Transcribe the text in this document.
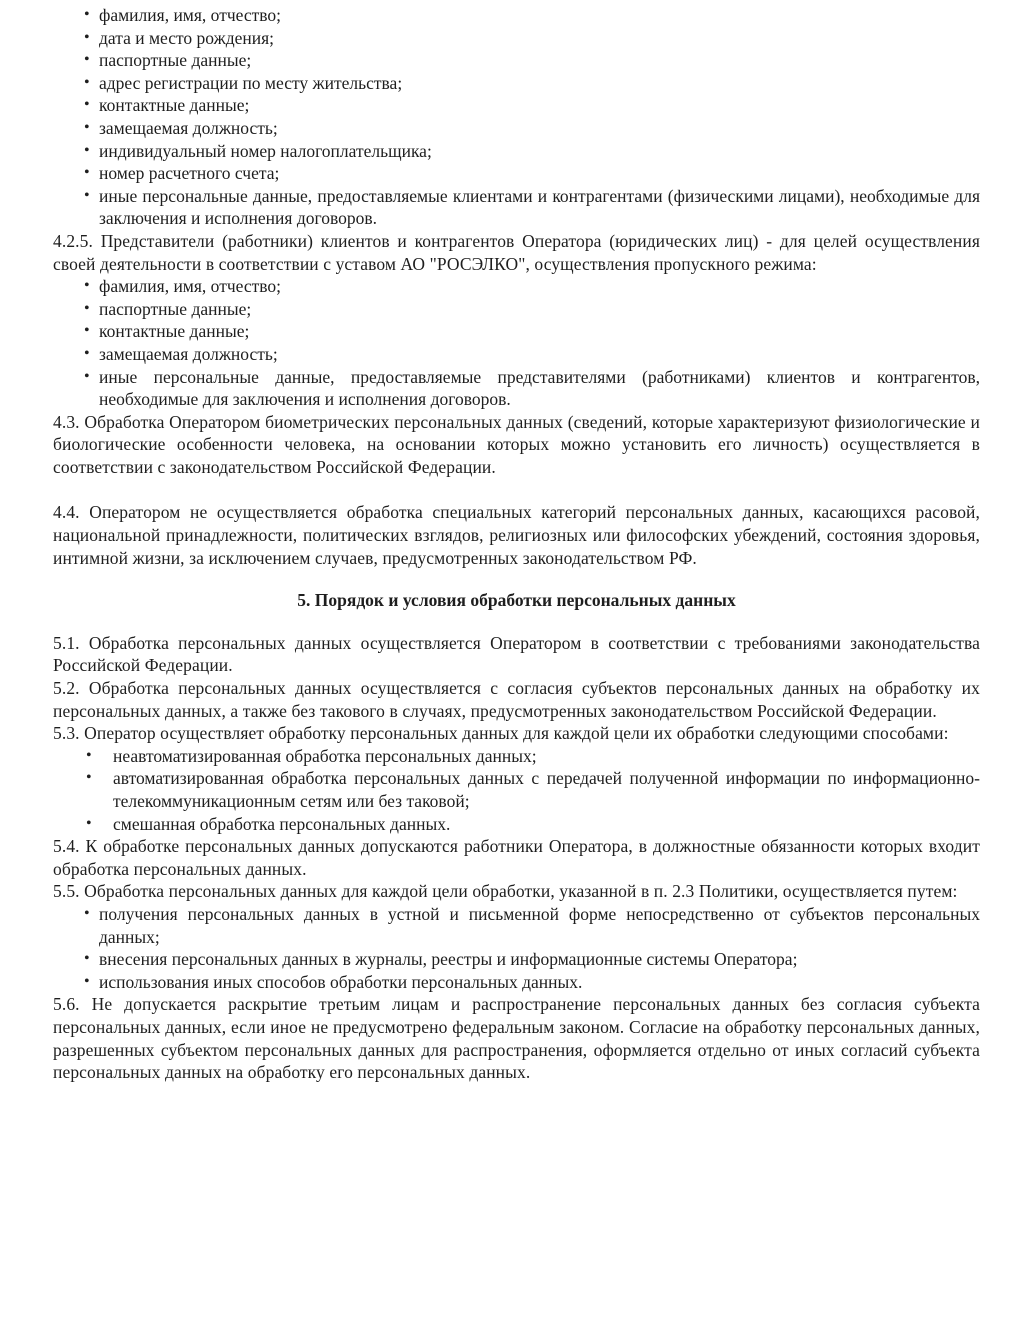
• фамилия, имя, отчество;
• дата и место рождения;
• паспортные данные;
• адрес регистрации по месту жительства;
• контактные данные;
• замещаемая должность;
• индивидуальный номер налогоплательщика;
• номер расчетного счета;
• иные персональные данные, предоставляемые клиентами и контрагентами (физическими лицами), необходимые для заключения и исполнения договоров.

4.2.5. Представители (работники) клиентов и контрагентов Оператора (юридических лиц) - для целей осуществления своей деятельности в соответствии с уставом АО "РОСЭЛКО", осуществления пропускного режима:

• фамилия, имя, отчество;
• паспортные данные;
• контактные данные;
• замещаемая должность;
• иные персональные данные, предоставляемые представителями (работниками) клиентов и контрагентов, необходимые для заключения и исполнения договоров.

4.3. Обработка Оператором биометрических персональных данных (сведений, которые характеризуют физиологические и биологические особенности человека, на основании которых можно установить его личность) осуществляется в соответствии с законодательством Российской Федерации.

4.4. Оператором не осуществляется обработка специальных категорий персональных данных, касающихся расовой, национальной принадлежности, политических взглядов, религиозных или философских убеждений, состояния здоровья, интимной жизни, за исключением случаев, предусмотренных законодательством РФ.

5. Порядок и условия обработки персональных данных

5.1. Обработка персональных данных осуществляется Оператором в соответствии с требованиями законодательства Российской Федерации.

5.2. Обработка персональных данных осуществляется с согласия субъектов персональных данных на обработку их персональных данных, а также без такового в случаях, предусмотренных законодательством Российской Федерации.

5.3. Оператор осуществляет обработку персональных данных для каждой цели их обработки следующими способами:

• неавтоматизированная обработка персональных данных;
• автоматизированная обработка персональных данных с передачей полученной информации по информационно-телекоммуникационным сетям или без таковой;
• смешанная обработка персональных данных.

5.4. К обработке персональных данных допускаются работники Оператора, в должностные обязанности которых входит обработка персональных данных.

5.5. Обработка персональных данных для каждой цели обработки, указанной в п. 2.3 Политики, осуществляется путем:

• получения персональных данных в устной и письменной форме непосредственно от субъектов персональных данных;
• внесения персональных данных в журналы, реестры и информационные системы Оператора;
• использования иных способов обработки персональных данных.

5.6. Не допускается раскрытие третьим лицам и распространение персональных данных без согласия субъекта персональных данных, если иное не предусмотрено федеральным законом. Согласие на обработку персональных данных, разрешенных субъектом персональных данных для распространения, оформляется отдельно от иных согласий субъекта персональных данных на обработку его персональных данных.
